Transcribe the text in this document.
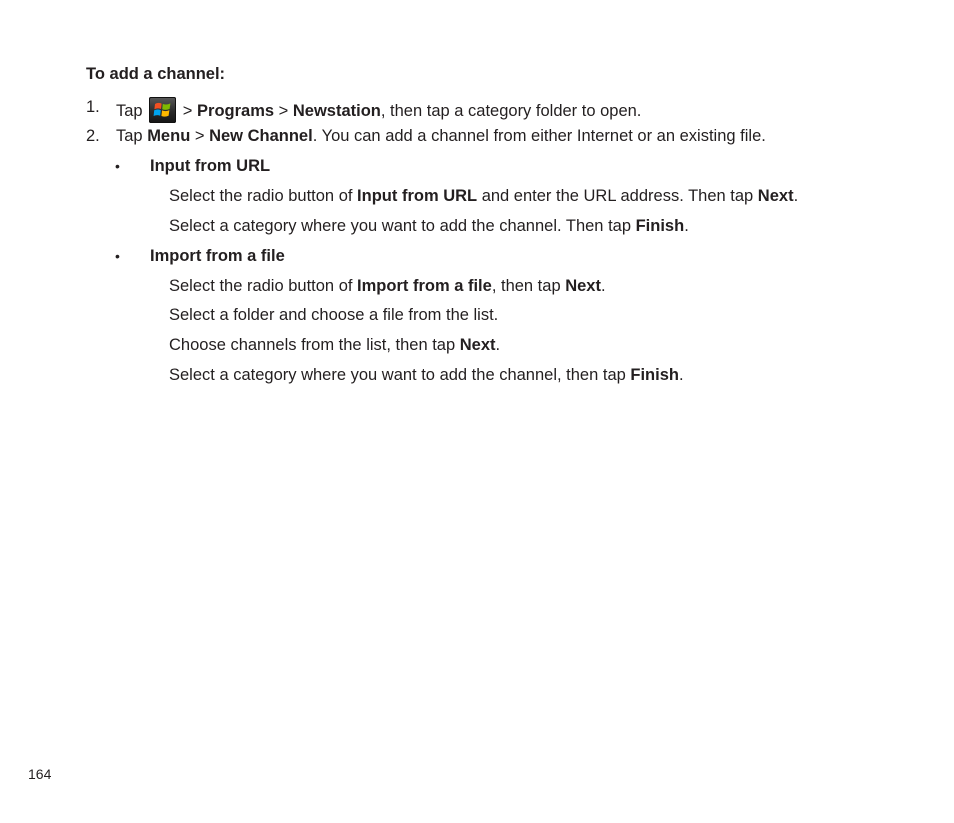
To add a channel:
1. Tap
> Programs > Newstation, then tap a category folder to open.
2. Tap Menu > New Channel. You can add a channel from either Internet or an existing file.
• Input from URL
Select the radio button of Input from URL and enter the URL address. Then tap Next.
Select a category where you want to add the channel. Then tap Finish.
• Import from a file
Select the radio button of Import from a file, then tap Next.
Select a folder and choose a file from the list.
Choose channels from the list, then tap Next.
Select a category where you want to add the channel, then tap Finish.
164
